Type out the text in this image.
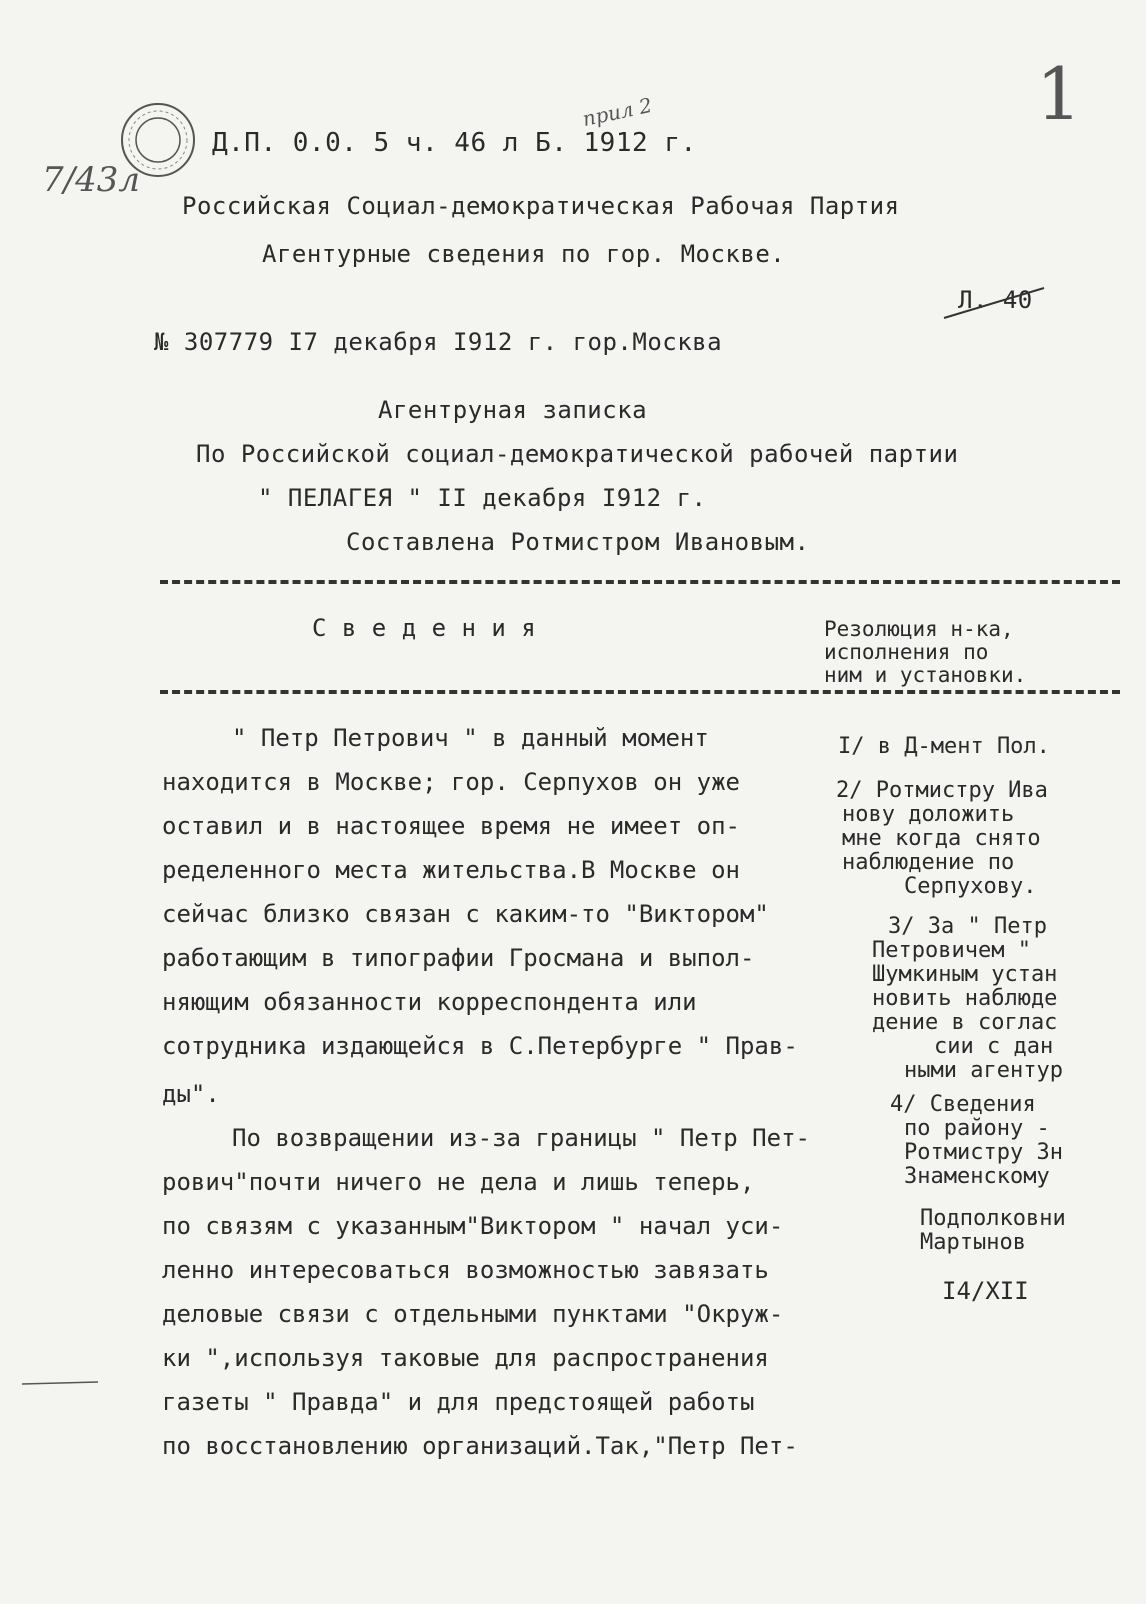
7/43л
1
прил 2
Д.П. 0.0. 5 ч. 46 л Б. 1912 г.
Российская Социал-демократическая Рабочая Партия
Агентурные сведения по гор. Москве.
Л. 40
№ 307779 I7 декабря I912 г. гор.Москва
Агентруная записка
По Российской социал-демократической рабочей партии
" ПЕЛАГЕЯ " II декабря I912 г.
Составлена Ротмистром Ивановым.
С в е д е н и я	Резолюция н-ка,
исполнения по
ним и установки.
" Петр Петрович " в данный момент
находится в Москве; гор. Серпухов он уже
оставил и в настоящее время не имеет оп-
ределенного места жительства.В Москве он
сейчас близко связан с каким-то "Виктором"
работающим в типографии Гросмана и выпол-
няющим обязанности корреспондента или
сотрудника издающейся в С.Петербурге " Прав-
ды".
По возвращении из-за границы " Петр Пет-
рович"почти ничего не дела и лишь теперь,
по связям с указанным"Виктором " начал уси-
ленно интересоваться возможностью завязать
деловые связи с отдельными пунктами "Окруж-
ки ",используя таковые для распространения
газеты " Правда" и для предстоящей работы
по восстановлению организаций.Так,"Петр Пет-
I/ в Д-мент Пол.
2/ Ротмистру Ива
нову доложить
мне когда снято
наблюдение по
Серпухову.
3/ За " Петр
Петровичем "
Шумкиным устан
новить наблюде
дение в соглас
сии с дан
ными агентур
4/ Сведения
по району -
Ротмистру Зн
Знаменскому
Подполковни
Мартынов
I4/XII
